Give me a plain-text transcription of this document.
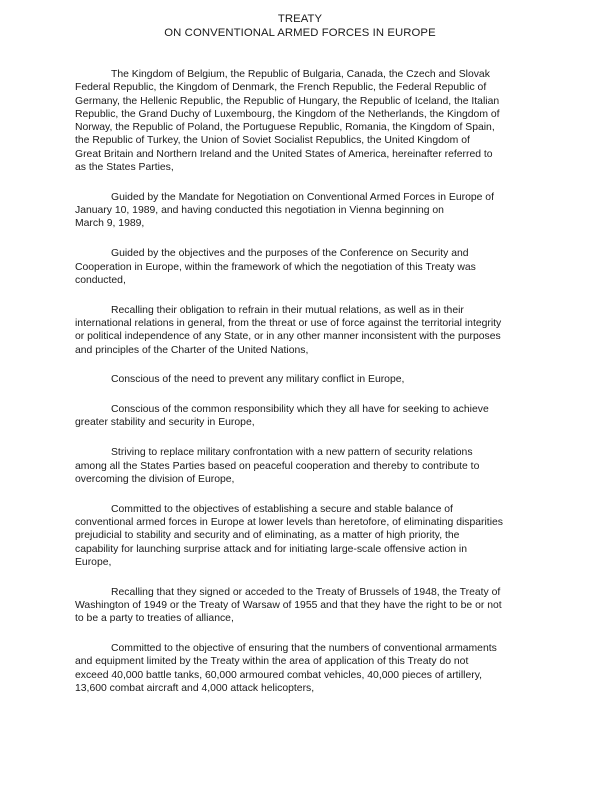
TREATY
ON CONVENTIONAL ARMED FORCES IN EUROPE
The Kingdom of Belgium, the Republic of Bulgaria, Canada, the Czech and Slovak
Federal Republic, the Kingdom of Denmark, the French Republic, the Federal Republic of
Germany, the Hellenic Republic, the Republic of Hungary, the Republic of Iceland, the Italian
Republic, the Grand Duchy of Luxembourg, the Kingdom of the Netherlands, the Kingdom of
Norway, the Republic of Poland, the Portuguese Republic, Romania, the Kingdom of Spain,
the Republic of Turkey, the Union of Soviet Socialist Republics, the United Kingdom of
Great Britain and Northern Ireland and the United States of America, hereinafter referred to
as the States Parties,
Guided by the Mandate for Negotiation on Conventional Armed Forces in Europe of
January 10, 1989, and having conducted this negotiation in Vienna beginning on
March 9, 1989,
Guided by the objectives and the purposes of the Conference on Security and
Cooperation in Europe, within the framework of which the negotiation of this Treaty was
conducted,
Recalling their obligation to refrain in their mutual relations, as well as in their
international relations in general, from the threat or use of force against the territorial integrity
or political independence of any State, or in any other manner inconsistent with the purposes
and principles of the Charter of the United Nations,
Conscious of the need to prevent any military conflict in Europe,
Conscious of the common responsibility which they all have for seeking to achieve
greater stability and security in Europe,
Striving to replace military confrontation with a new pattern of security relations
among all the States Parties based on peaceful cooperation and thereby to contribute to
overcoming the division of Europe,
Committed to the objectives of establishing a secure and stable balance of
conventional armed forces in Europe at lower levels than heretofore, of eliminating disparities
prejudicial to stability and security and of eliminating, as a matter of high priority, the
capability for launching surprise attack and for initiating large-scale offensive action in
Europe,
Recalling that they signed or acceded to the Treaty of Brussels of 1948, the Treaty of
Washington of 1949 or the Treaty of Warsaw of 1955 and that they have the right to be or not
to be a party to treaties of alliance,
Committed to the objective of ensuring that the numbers of conventional armaments
and equipment limited by the Treaty within the area of application of this Treaty do not
exceed 40,000 battle tanks, 60,000 armoured combat vehicles, 40,000 pieces of artillery,
13,600 combat aircraft and 4,000 attack helicopters,
